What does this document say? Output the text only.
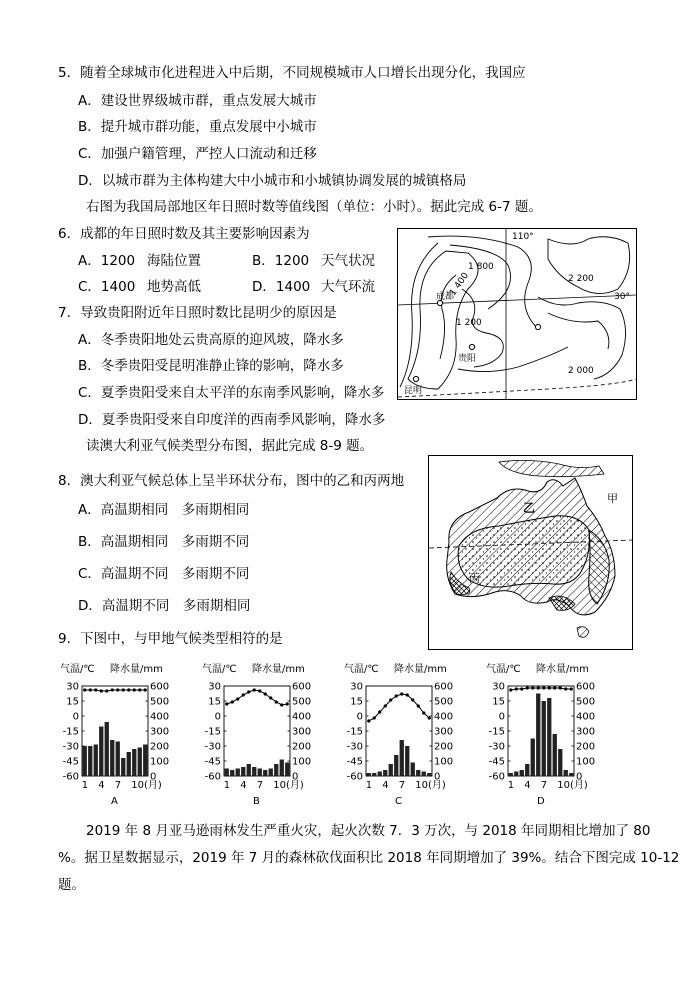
5．随着全球城市化进程进入中后期，不同规模城市人口增长出现分化，我国应
A．建设世界级城市群，重点发展大城市
B．提升城市群功能，重点发展中小城市
C．加强户籍管理，严控人口流动和迁移
D．以城市群为主体构建大中小城市和小城镇协调发展的城镇格局
右图为我国局部地区年日照时数等值线图（单位：小时）。据此完成 6-7 题。
6．成都的年日照时数及其主要影响因素为
A．1200 海陆位置	B．1200 天气状况
C．1400 地势高低	D．1400 大气环流
7．导致贵阳附近年日照时数比昆明少的原因是
A．冬季贵阳地处云贵高原的迎风坡，降水多
B．冬季贵阳受昆明准静止锋的影响，降水多
C．夏季贵阳受来自太平洋的东南季风影响，降水多
D．夏季贵阳受来自印度洋的西南季风影响，降水多
读澳大利亚气候类型分布图，据此完成 8-9 题。
110°
30°
1 800
1 400
1 200
2 200
2 000
成都
贵阳
昆明
8．澳大利亚气候总体上呈半环状分布，图中的乙和丙两地
A．高温期相同　多雨期相同
B．高温期相同　多雨期不同
C．高温期不同　多雨期不同
D．高温期不同　多雨期相同
甲
乙
丙
9．下图中，与甲地气候类型相符的是
气温/℃ 降水量/mm
30
15
0
-15
-30
-45
-60
600
500
400
300
200
100
0
1 4 7 10(月)
A
气温/℃ 降水量/mm
30
15
0
-15
-30
-45
-60
600
500
400
300
200
100
0
1 4 7 10(月)
B
气温/℃ 降水量/mm
30
15
0
-15
-30
-45
-60
600
500
400
300
200
100
0
1 4 7 10(月)
C
气温/℃ 降水量/mm
30
15
0
-15
-30
-45
-60
600
500
400
300
200
100
0
1 4 7 10(月)
D
2019 年 8 月亚马逊雨林发生严重火灾，起火次数 7．3 万次，与 2018 年同期相比增加了 80
%。据卫星数据显示，2019 年 7 月的森林砍伐面积比 2018 年同期增加了 39%。结合下图完成 10-12
题。
